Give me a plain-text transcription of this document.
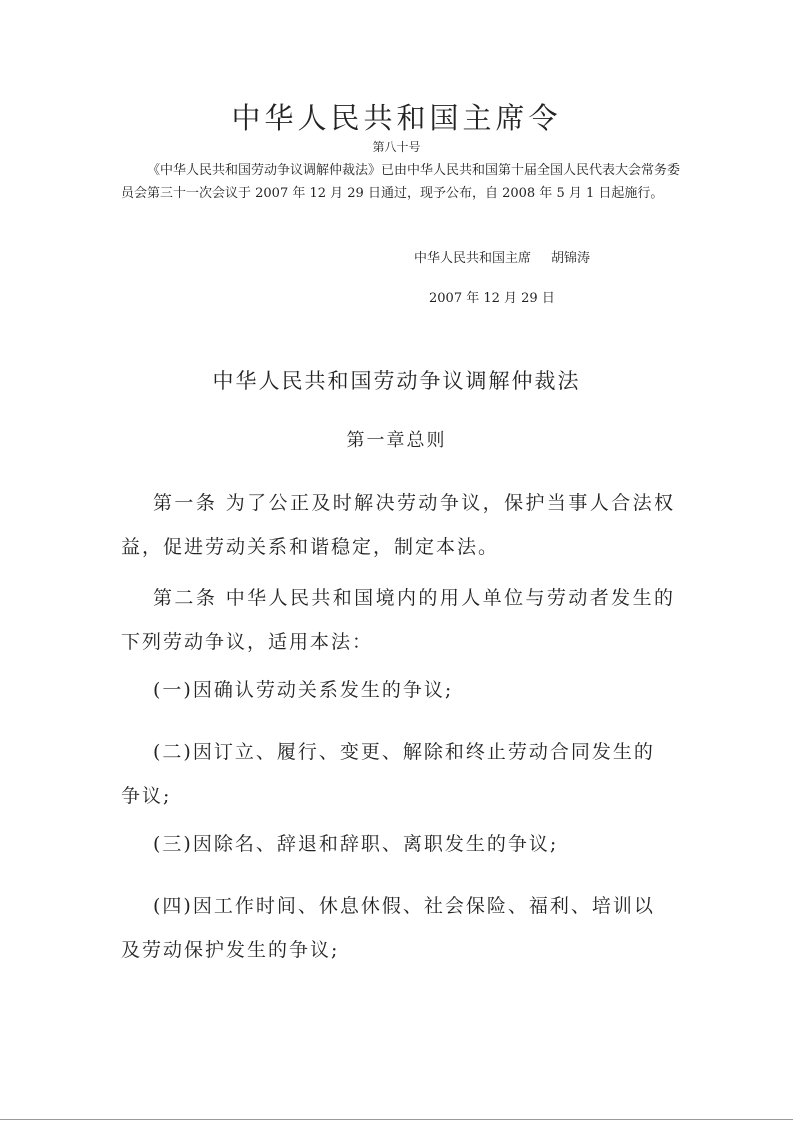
中华人民共和国主席令
第八十号

《中华人民共和国劳动争议调解仲裁法》已由中华人民共和国第十届全国人民代表大会常务委员会第三十一次会议于 2007 年 12 月 29 日通过，现予公布，自 2008 年 5 月 1 日起施行。

中华人民共和国主席 胡锦涛
2007 年 12 月 29 日
中华人民共和国劳动争议调解仲裁法
第一章总则

第一条 为了公正及时解决劳动争议，保护当事人合法权益，促进劳动关系和谐稳定，制定本法。

第二条 中华人民共和国境内的用人单位与劳动者发生的下列劳动争议，适用本法：

(一)因确认劳动关系发生的争议;

(二)因订立、履行、变更、解除和终止劳动合同发生的争议;

(三)因除名、辞退和辞职、离职发生的争议;

(四)因工作时间、休息休假、社会保险、福利、培训以及劳动保护发生的争议;
